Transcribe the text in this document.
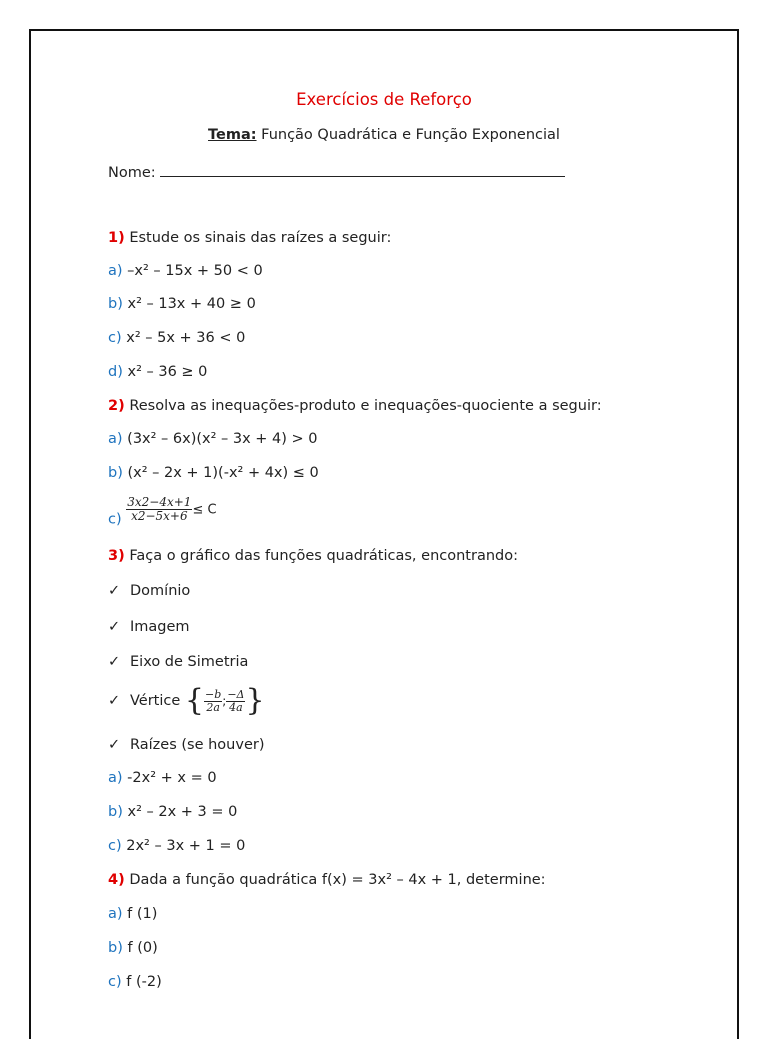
Exercícios de Reforço
Tema: Função Quadrática e Função Exponencial
Nome:
1) Estude os sinais das raízes a seguir:
a) –x² – 15x + 50 < 0
b) x² – 13x + 40 ≥ 0
c) x² – 5x + 36 < 0
d) x² – 36 ≥ 0
2) Resolva as inequações-produto e inequações-quociente a seguir:
a) (3x² – 6x)(x² – 3x + 4) > 0
b) (x² – 2x + 1)(-x² + 4x) ≤ 0
$c) \frac{3x2-4x+1}{x2-5x+6} \le C$
3) Faça o gráfico das funções quadráticas, encontrando:
✓ Domínio
✓ Imagem
✓ Eixo de Simetria
✓ Vértice { $\frac{-b}{2a}$ ; $\frac{-\Delta}{4a}$ }
✓ Raízes (se houver)
a) -2x² + x = 0
b) x² – 2x + 3 = 0
c) 2x² – 3x + 1 = 0
4) Dada a função quadrática f(x) = 3x² – 4x + 1, determine:
a) f (1)
b) f (0)
c) f (-2)
